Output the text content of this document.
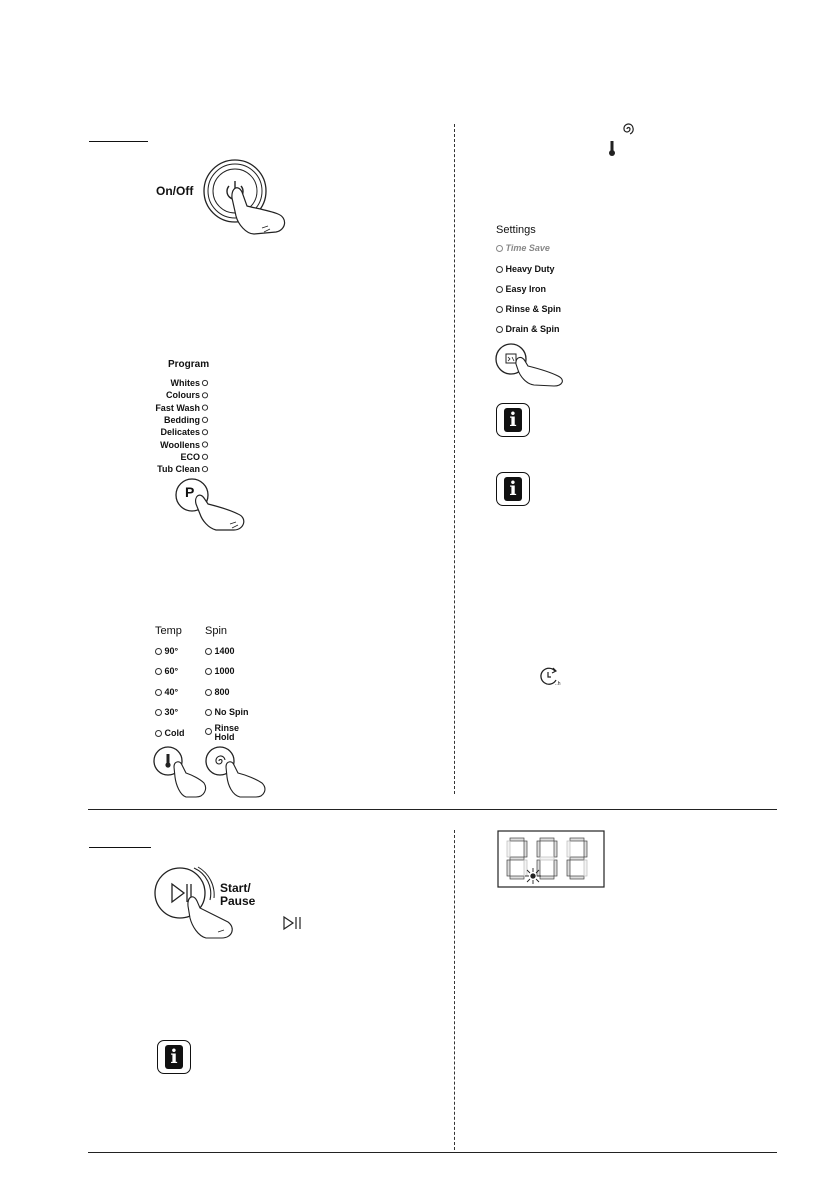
On/Off
Program
Whites
Colours
Fast Wash
Bedding
Delicates
Woollens
ECO
Tub Clean
P
Temp Spin
90°
60°
40°
30°
Cold
1400
1000
800
No Spin
Rinse Hold
Settings
Time Save
Heavy Duty
Easy Iron
Rinse & Spin
Drain & Spin
i
i
..h
Start/
Pause
i
